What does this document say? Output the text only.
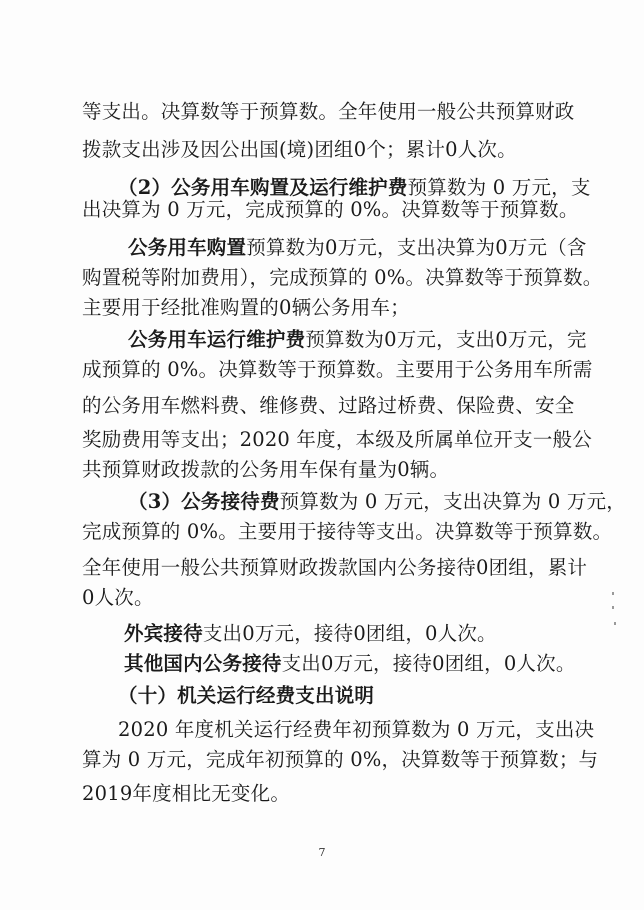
等支出。决算数等于预算数。全年使用一般公共预算财政
拨款支出涉及因公出国(境)团组0个；累计0人次。
（2）公务用车购置及运行维护费预算数为 0 万元，支
出决算为 0 万元，完成预算的 0%。决算数等于预算数。
公务用车购置预算数为0万元，支出决算为0万元（含
购置税等附加费用），完成预算的 0%。决算数等于预算数。
主要用于经批准购置的0辆公务用车；
公务用车运行维护费预算数为0万元，支出0万元，完
成预算的 0%。决算数等于预算数。主要用于公务用车所需
的公务用车燃料费、维修费、过路过桥费、保险费、安全
奖励费用等支出；2020 年度，本级及所属单位开支一般公
共预算财政拨款的公务用车保有量为0辆。
（3）公务接待费预算数为 0 万元，支出决算为 0 万元，
完成预算的 0%。主要用于接待等支出。决算数等于预算数。
全年使用一般公共预算财政拨款国内公务接待0团组，累计
0人次。
外宾接待支出0万元，接待0团组，0人次。
其他国内公务接待支出0万元，接待0团组，0人次。
（十）机关运行经费支出说明
2020 年度机关运行经费年初预算数为 0 万元，支出决
算为 0 万元，完成年初预算的 0%，决算数等于预算数；与
2019年度相比无变化。
7
